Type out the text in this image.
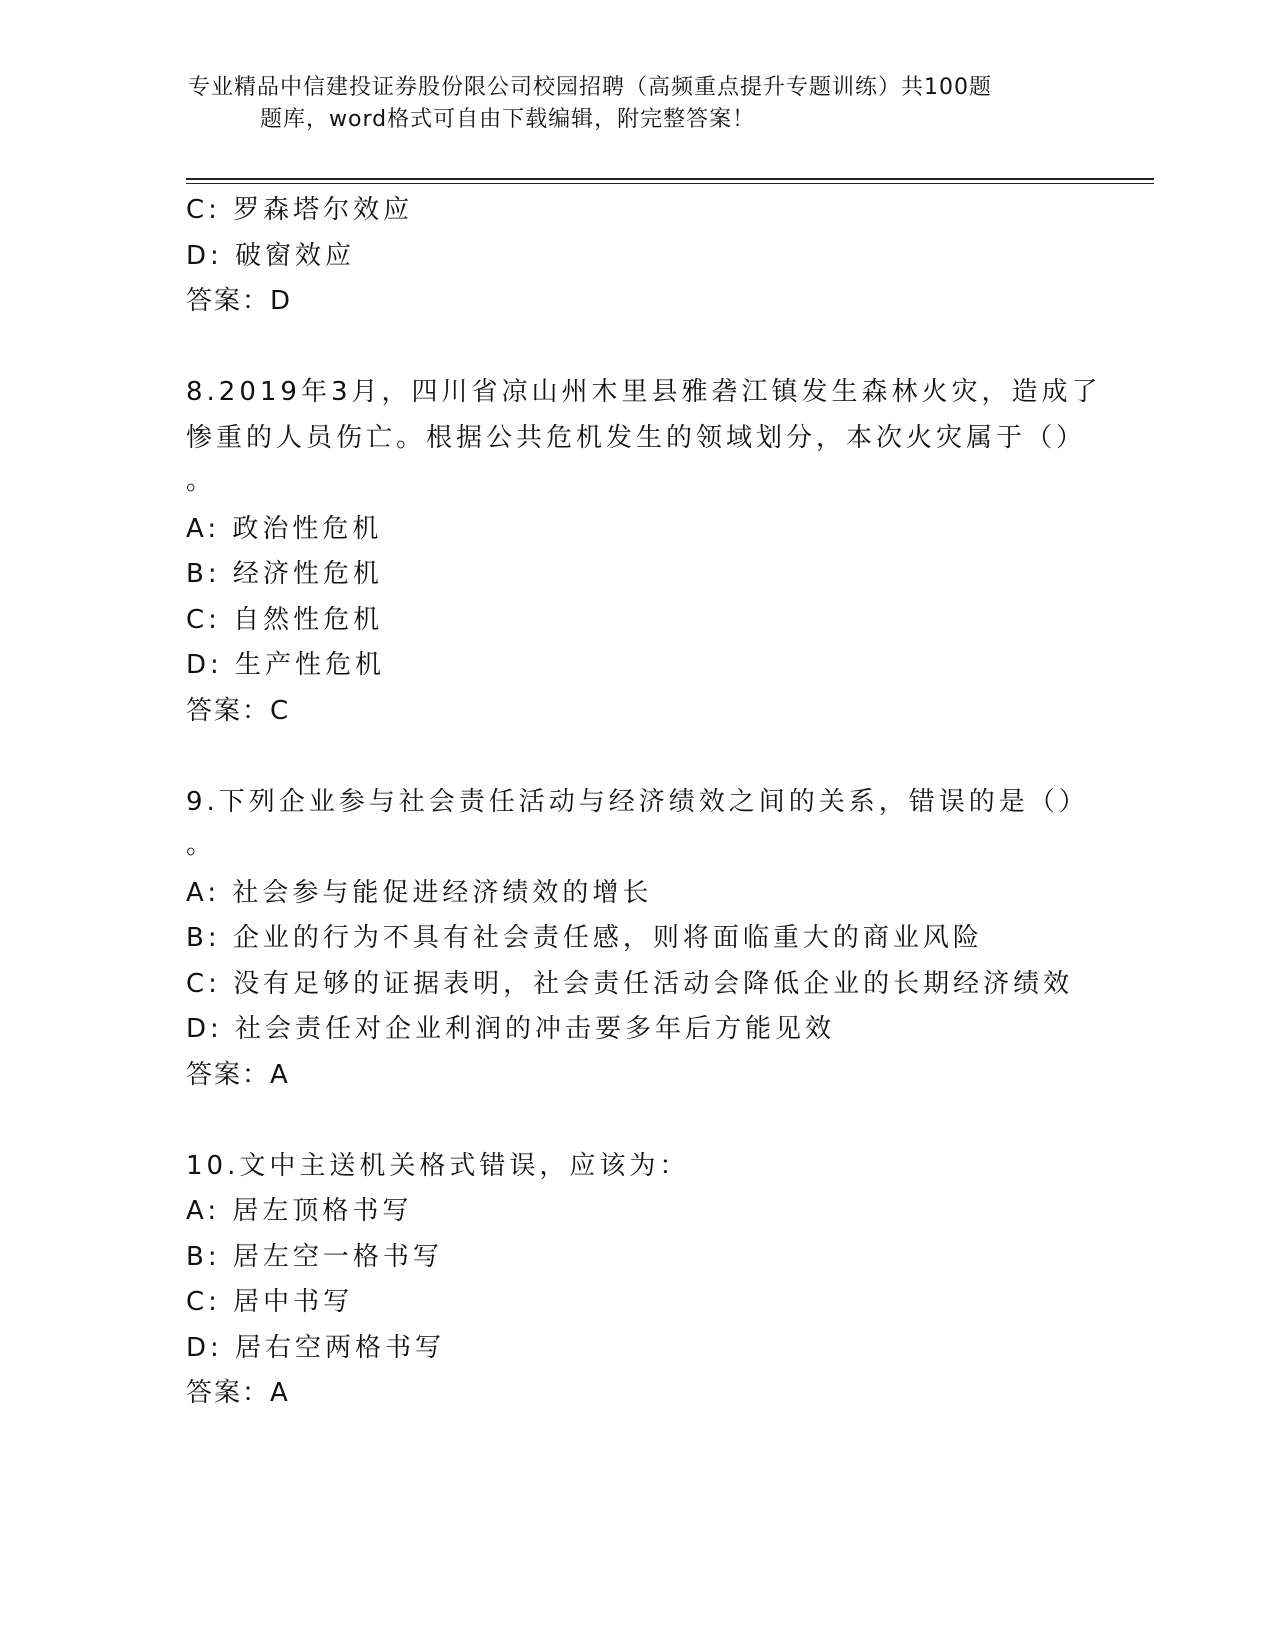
专业精品中信建投证券股份限公司校园招聘（高频重点提升专题训练）共100题
题库，word格式可自由下载编辑，附完整答案！
C: 罗森塔尔效应
D: 破窗效应
答案：D
8.2019年3月，四川省凉山州木里县雅砻江镇发生森林火灾，造成了
惨重的人员伤亡。根据公共危机发生的领域划分，本次火灾属于（）
。
A: 政治性危机
B: 经济性危机
C: 自然性危机
D: 生产性危机
答案：C
9.下列企业参与社会责任活动与经济绩效之间的关系，错误的是（）
。
A: 社会参与能促进经济绩效的增长
B: 企业的行为不具有社会责任感，则将面临重大的商业风险
C: 没有足够的证据表明，社会责任活动会降低企业的长期经济绩效
D: 社会责任对企业利润的冲击要多年后方能见效
答案：A
10.文中主送机关格式错误，应该为：
A: 居左顶格书写
B: 居左空一格书写
C: 居中书写
D: 居右空两格书写
答案：A
